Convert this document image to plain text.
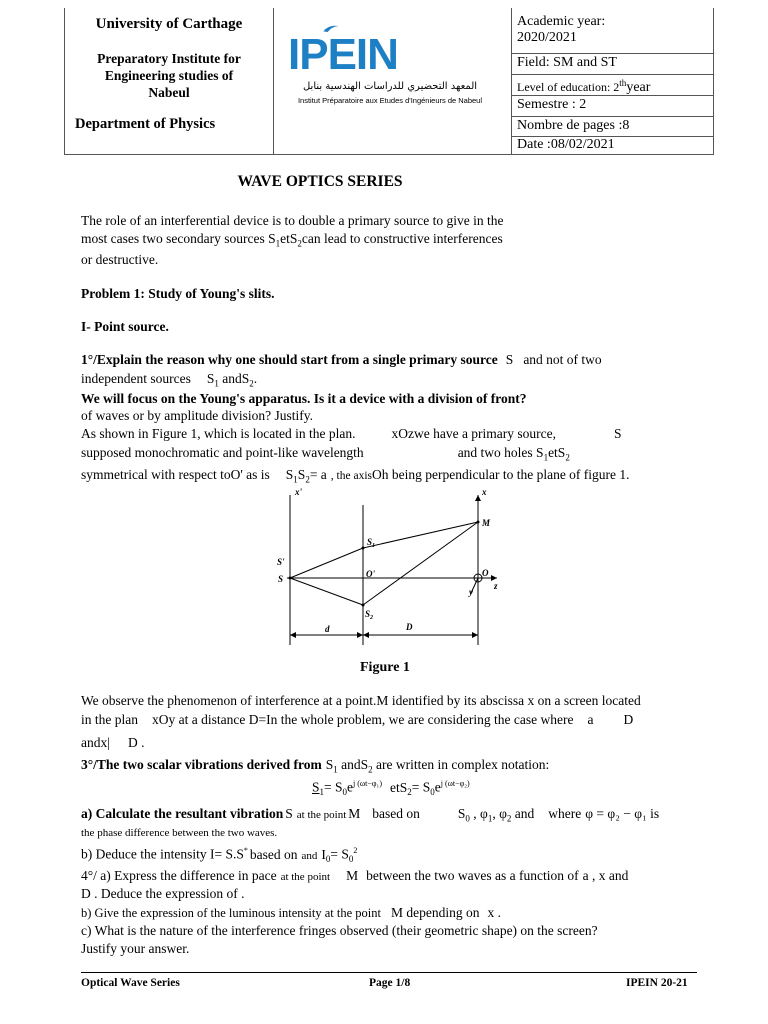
University of Carthage
Preparatory Institute for
Engineering studies of
Nabeul
Department of Physics
Academic year:
2020/2021
Field: SM and ST
Level of education: 2thyear
Semestre : 2
Nombre de pages :8
Date :08/02/2021
IPEIN
المعهد التحضيري للدراسات الهندسية بنابل
Institut Préparatoire aux Etudes d'Ingénieurs de Nabeul
WAVE OPTICS SERIES
The role of an interferential device is to double a primary source to give in the
most cases two secondary sources $S_1etS_2can$ lead to constructive interferences
or destructive.
Problem 1: Study of Young's slits.
I- Point source.
1°/Explain the reason why one should start from a single primary source S and not of two
independent sources $S_1$ andS$_2$.
We will focus on the Young's apparatus. Is it a device with a division of front?
of waves or by amplitude division? Justify.
As shown in Figure 1, which is located in the plan.	xOzwe have a primary source,	S
supposed monochromatic and point-like wavelength	and two holes $S_1etS_2$
symmetrical with respect toO' as is $S_1S_2= a$ , the axisOh being perpendicular to the plane of figure 1.
x'	x
S'
S
$S_1$
$S_2$
O'	O
M
y
z
d	D
Figure 1
We observe the phenomenon of interference at a point.M identified by its abscissa x on a screen located
in the plan xOy at a distance D=In the whole problem, we are considering the case where a D
andx| D .
3°/The two scalar vibrations derived from $S_1$ andS$_2$ are written in complex notation:
$S_1= S_0e^{j (\omega t-\varphi_1)}$ $etS_2= S_0e^{j (\omega t-\varphi_2)}$
a) Calculate the resultant vibration S at the point M based on	$S_0$ , $\varphi_1$, $\varphi_2$ and where φ = φ₂ − φ₁ is
the phase difference between the two waves.
b) Deduce the intensity I= S.S* based on and $I_0= S_0^2$
4°/ a) Express the difference in pace at the point M between the two waves as a function of a , x and
D . Deduce the expression of .
b) Give the expression of the luminous intensity at the point M depending on x .
c) What is the nature of the interference fringes observed (their geometric shape) on the screen?
Justify your answer.
Optical Wave Series	Page 1/8	IPEIN 20-21
